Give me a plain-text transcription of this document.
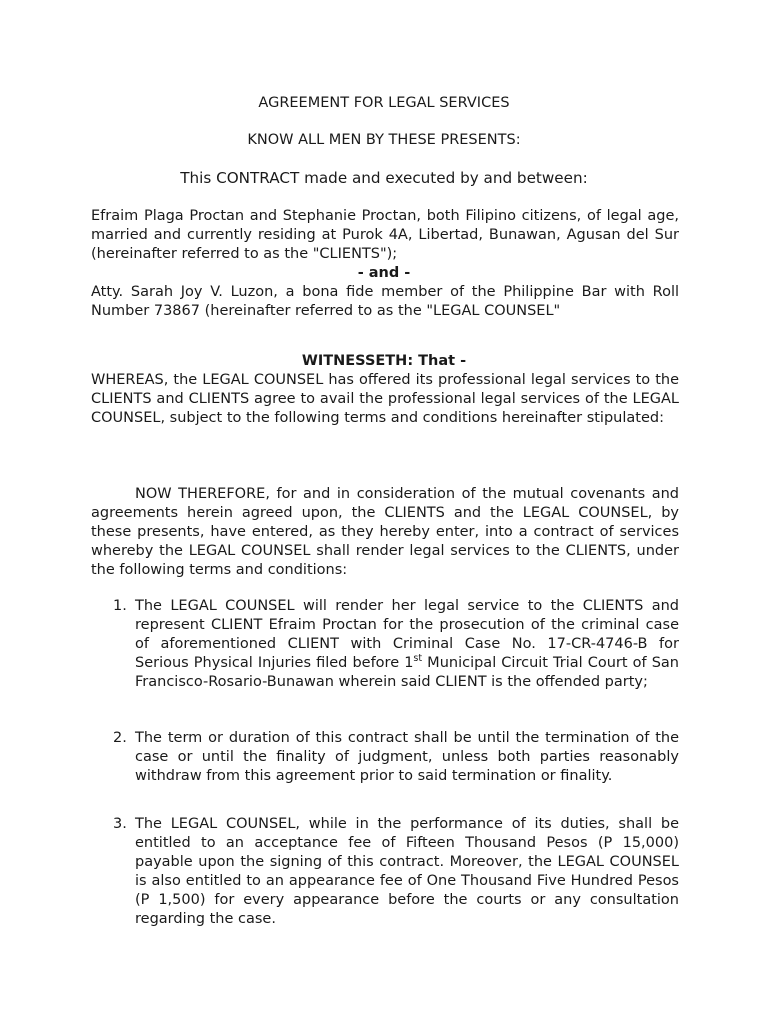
AGREEMENT FOR LEGAL SERVICES
KNOW ALL MEN BY THESE PRESENTS:
This CONTRACT made and executed by and between:
Efraim Plaga Proctan and Stephanie Proctan, both Filipino citizens, of legal age, married and currently residing at Purok 4A, Libertad, Bunawan, Agusan del Sur (hereinafter referred to as the "CLIENTS");
- and -
Atty. Sarah Joy V. Luzon, a bona fide member of the Philippine Bar with Roll Number 73867 (hereinafter referred to as the "LEGAL COUNSEL"
WITNESSETH: That -
WHEREAS, the LEGAL COUNSEL has offered its professional legal services to the CLIENTS and CLIENTS agree to avail the professional legal services of the LEGAL COUNSEL, subject to the following terms and conditions hereinafter stipulated:
NOW THEREFORE, for and in consideration of the mutual covenants and agreements herein agreed upon, the CLIENTS and the LEGAL COUNSEL, by these presents, have entered, as they hereby enter, into a contract of services whereby the LEGAL COUNSEL shall render legal services to the CLIENTS, under the following terms and conditions:
1. The LEGAL COUNSEL will render her legal service to the CLIENTS and represent CLIENT Efraim Proctan for the prosecution of the criminal case of aforementioned CLIENT with Criminal Case No. 17-CR-4746-B for Serious Physical Injuries filed before 1st Municipal Circuit Trial Court of San Francisco-Rosario-Bunawan wherein said CLIENT is the offended party;
2. The term or duration of this contract shall be until the termination of the case or until the finality of judgment, unless both parties reasonably withdraw from this agreement prior to said termination or finality.
3. The LEGAL COUNSEL, while in the performance of its duties, shall be entitled to an acceptance fee of Fifteen Thousand Pesos (P 15,000) payable upon the signing of this contract. Moreover, the LEGAL COUNSEL is also entitled to an appearance fee of One Thousand Five Hundred Pesos (P 1,500) for every appearance before the courts or any consultation regarding the case.
